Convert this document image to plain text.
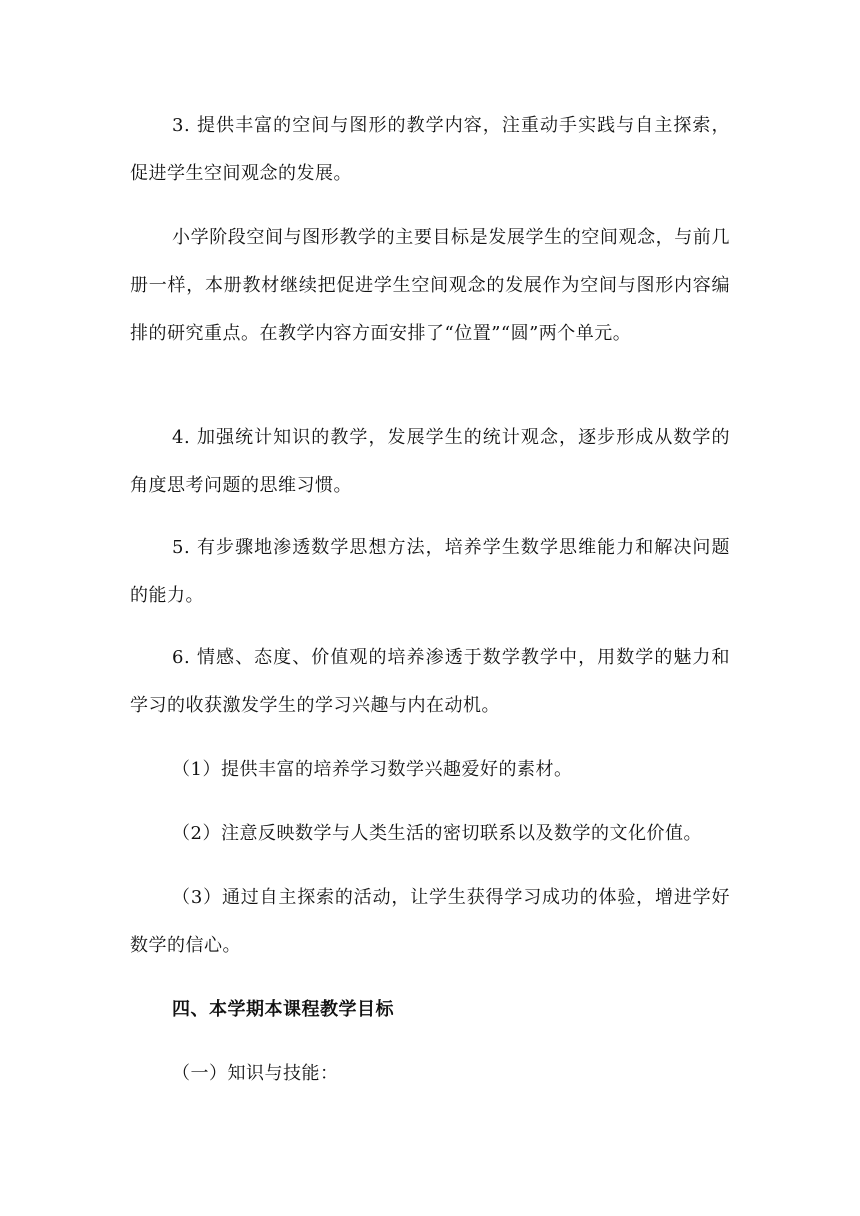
3. 提供丰富的空间与图形的教学内容，注重动手实践与自主探索，促进学生空间观念的发展。

小学阶段空间与图形教学的主要目标是发展学生的空间观念，与前几册一样，本册教材继续把促进学生空间观念的发展作为空间与图形内容编排的研究重点。在教学内容方面安排了“位置”“圆”两个单元。

4. 加强统计知识的教学，发展学生的统计观念，逐步形成从数学的角度思考问题的思维习惯。

5. 有步骤地渗透数学思想方法，培养学生数学思维能力和解决问题的能力。

6. 情感、态度、价值观的培养渗透于数学教学中，用数学的魅力和学习的收获激发学生的学习兴趣与内在动机。

（1）提供丰富的培养学习数学兴趣爱好的素材。

（2）注意反映数学与人类生活的密切联系以及数学的文化价值。

（3）通过自主探索的活动，让学生获得学习成功的体验，增进学好数学的信心。

四、本学期本课程教学目标

（一）知识与技能：
